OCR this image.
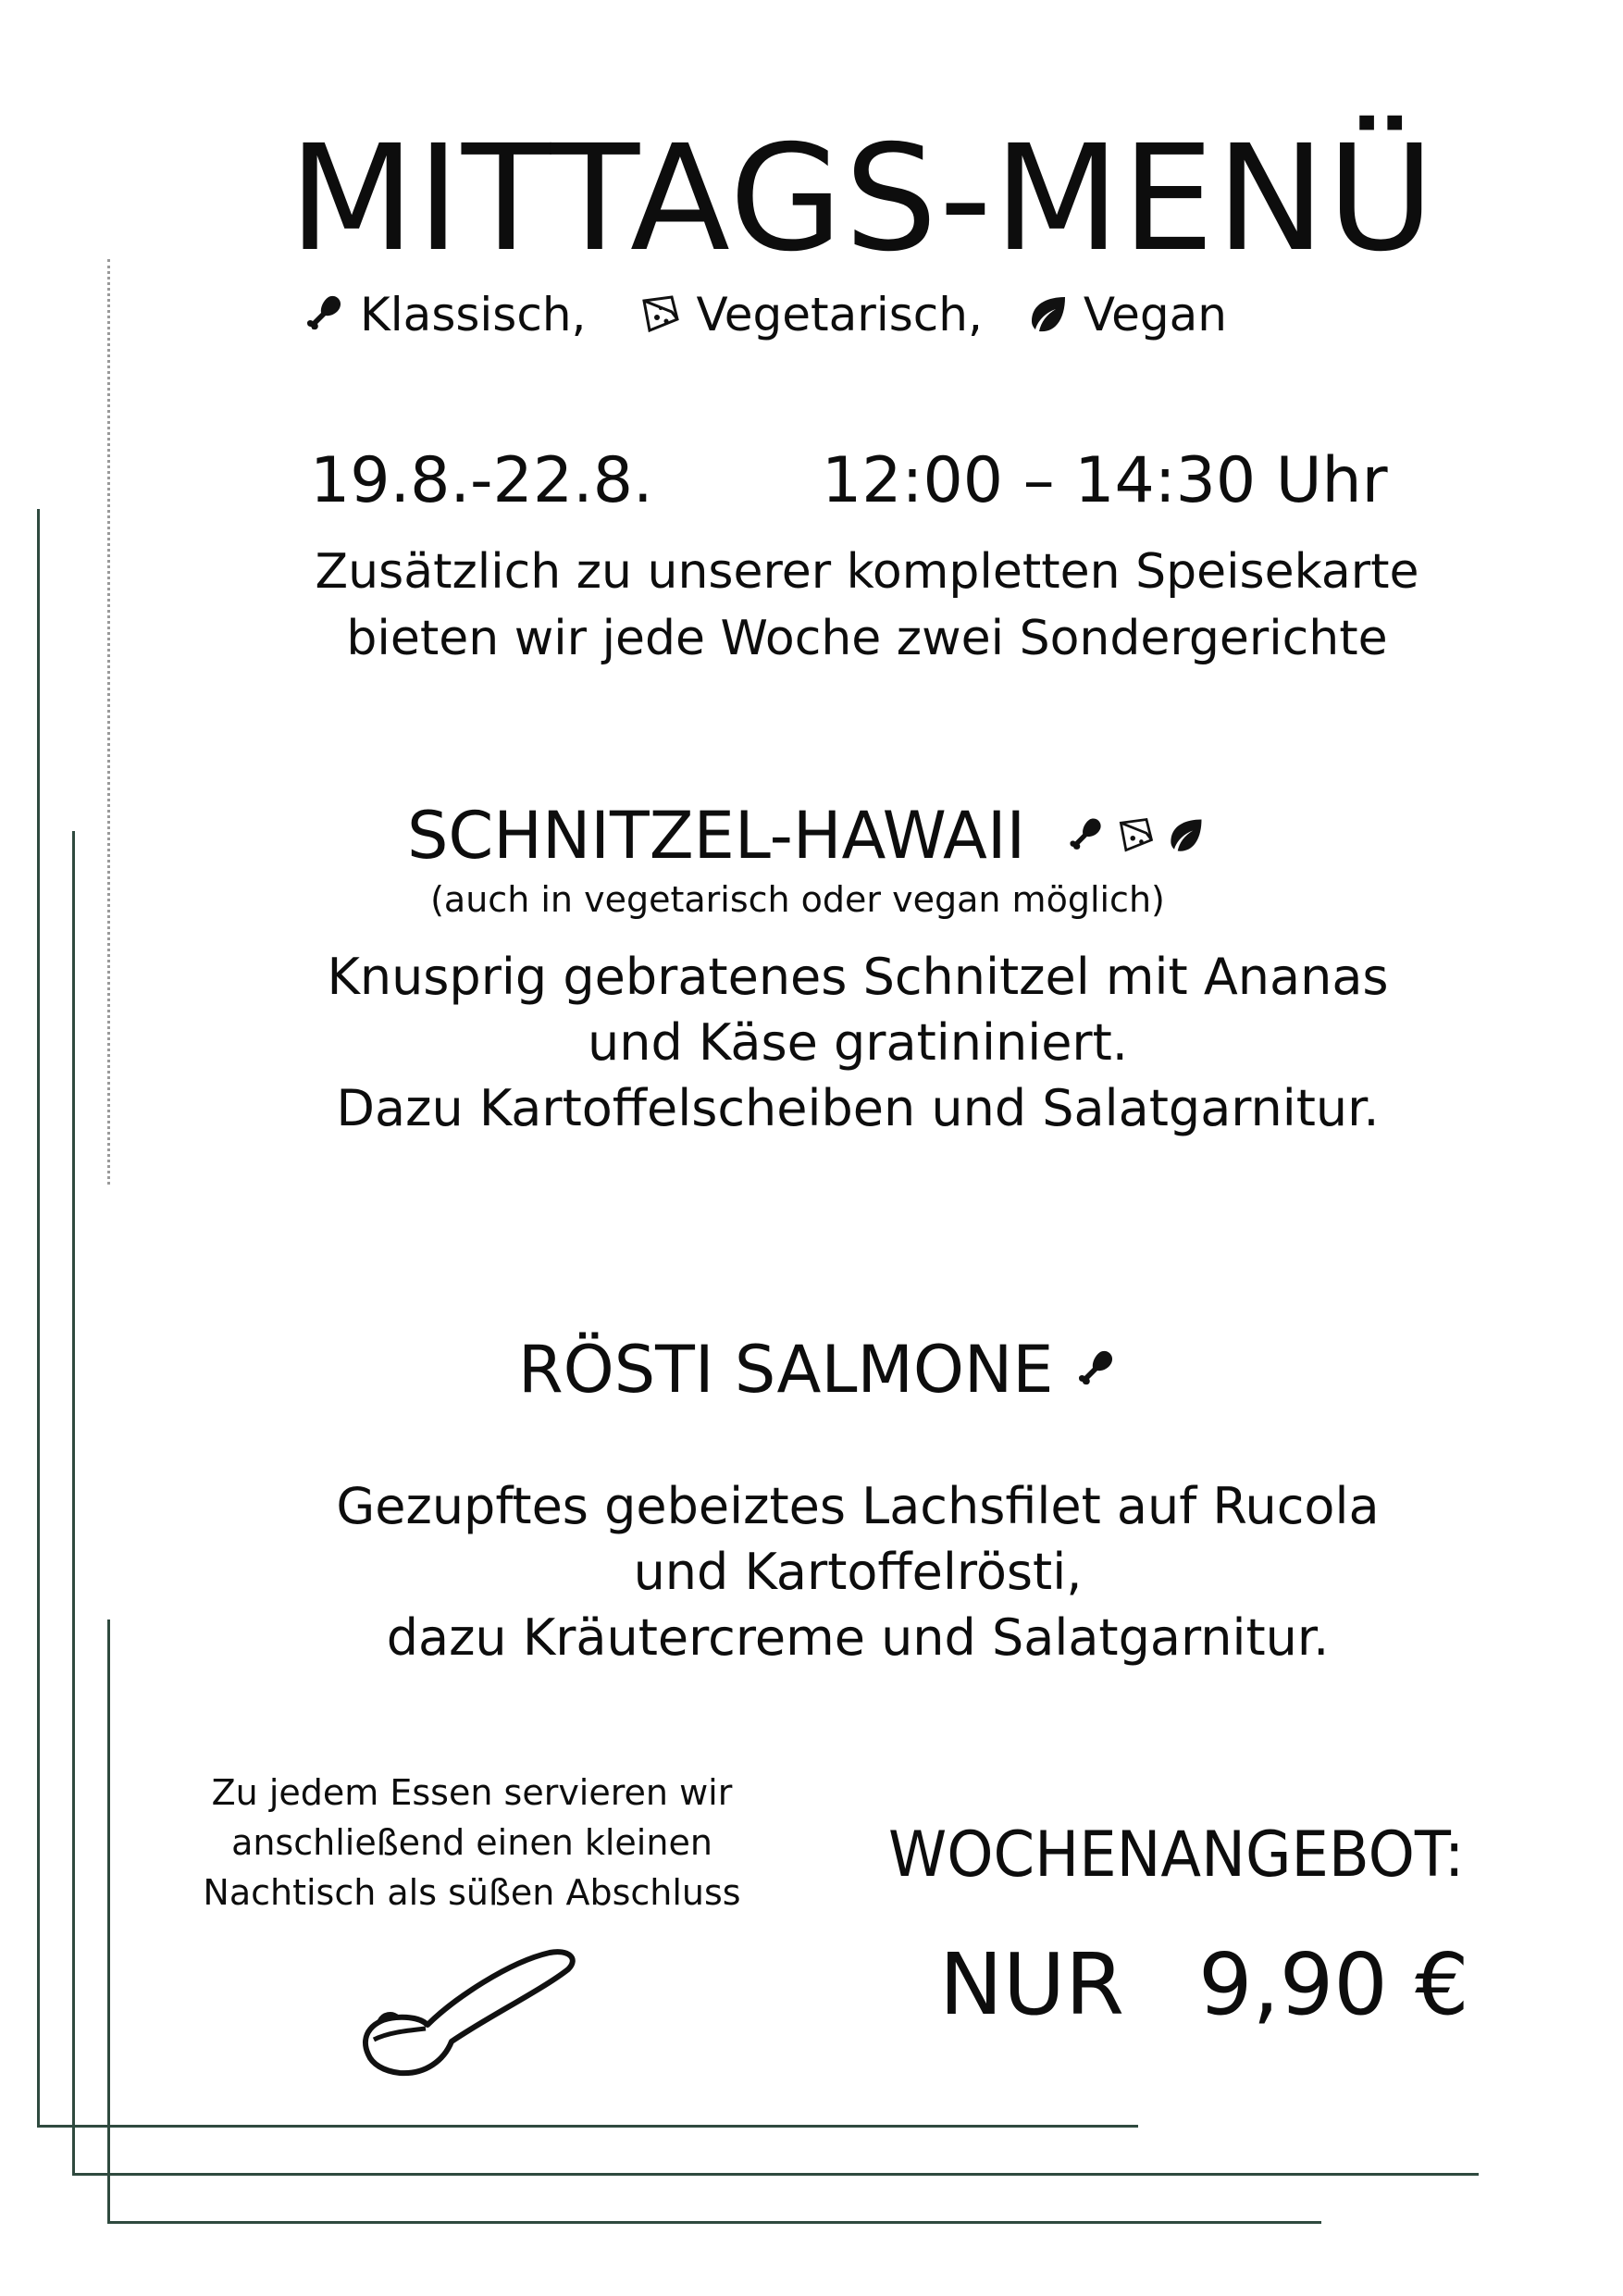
MITTAGS-MENÜ
Klassisch, Vegetarisch, Vegan
19.8.-22.8.	12:00 – 14:30 Uhr
Zusätzlich zu unserer kompletten Speisekarte
bieten wir jede Woche zwei Sondergerichte
SCHNITZEL-HAWAII
(auch in vegetarisch oder vegan möglich)
Knusprig gebratenes Schnitzel mit Ananas
und Käse gratininiert.
Dazu Kartoffelscheiben und Salatgarnitur.
RÖSTI SALMONE
Gezupftes gebeiztes Lachsfilet auf Rucola
und Kartoffelrösti,
dazu Kräutercreme und Salatgarnitur.
Zu jedem Essen servieren wir
anschließend einen kleinen
Nachtisch als süßen Abschluss
WOCHENANGEBOT:
NUR 9,90 €
